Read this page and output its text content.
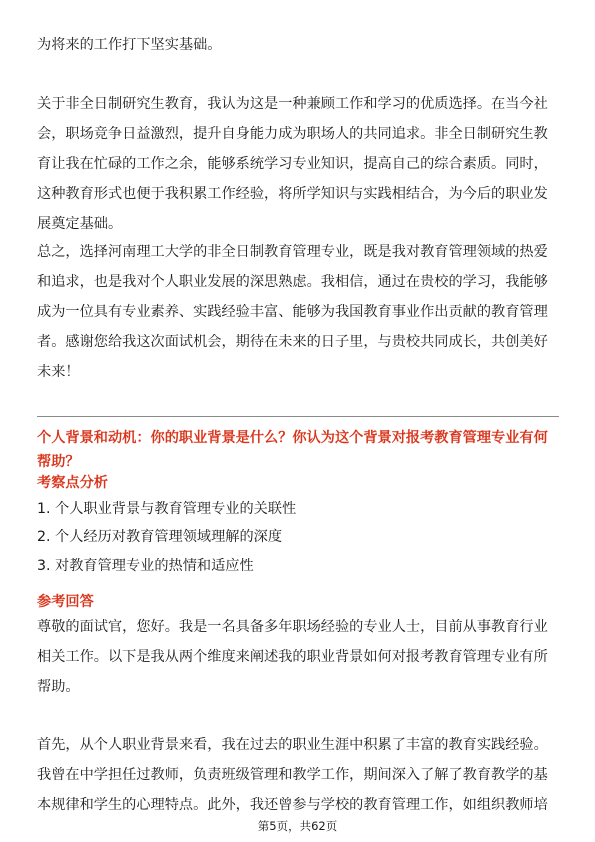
为将来的工作打下坚实基础。

关于非全日制研究生教育，我认为这是一种兼顾工作和学习的优质选择。在当今社
会，职场竞争日益激烈，提升自身能力成为职场人的共同追求。非全日制研究生教
育让我在忙碌的工作之余，能够系统学习专业知识，提高自己的综合素质。同时，
这种教育形式也便于我积累工作经验，将所学知识与实践相结合，为今后的职业发
展奠定基础。

总之，选择河南理工大学的非全日制教育管理专业，既是我对教育管理领域的热爱
和追求，也是我对个人职业发展的深思熟虑。我相信，通过在贵校的学习，我能够
成为一位具有专业素养、实践经验丰富、能够为我国教育事业作出贡献的教育管理
者。感谢您给我这次面试机会，期待在未来的日子里，与贵校共同成长，共创美好
未来！

个人背景和动机：你的职业背景是什么？你认为这个背景对报考教育管理专业有何
帮助？

考察点分析

1. 个人职业背景与教育管理专业的关联性

2. 个人经历对教育管理领域理解的深度

3. 对教育管理专业的热情和适应性

参考回答

尊敬的面试官，您好。我是一名具备多年职场经验的专业人士，目前从事教育行业
相关工作。以下是我从两个维度来阐述我的职业背景如何对报考教育管理专业有所
帮助。

首先，从个人职业背景来看，我在过去的职业生涯中积累了丰富的教育实践经验。
我曾在中学担任过教师，负责班级管理和教学工作，期间深入了解了教育教学的基
本规律和学生的心理特点。此外，我还曾参与学校的教育管理工作，如组织教师培

第5页，共62页
